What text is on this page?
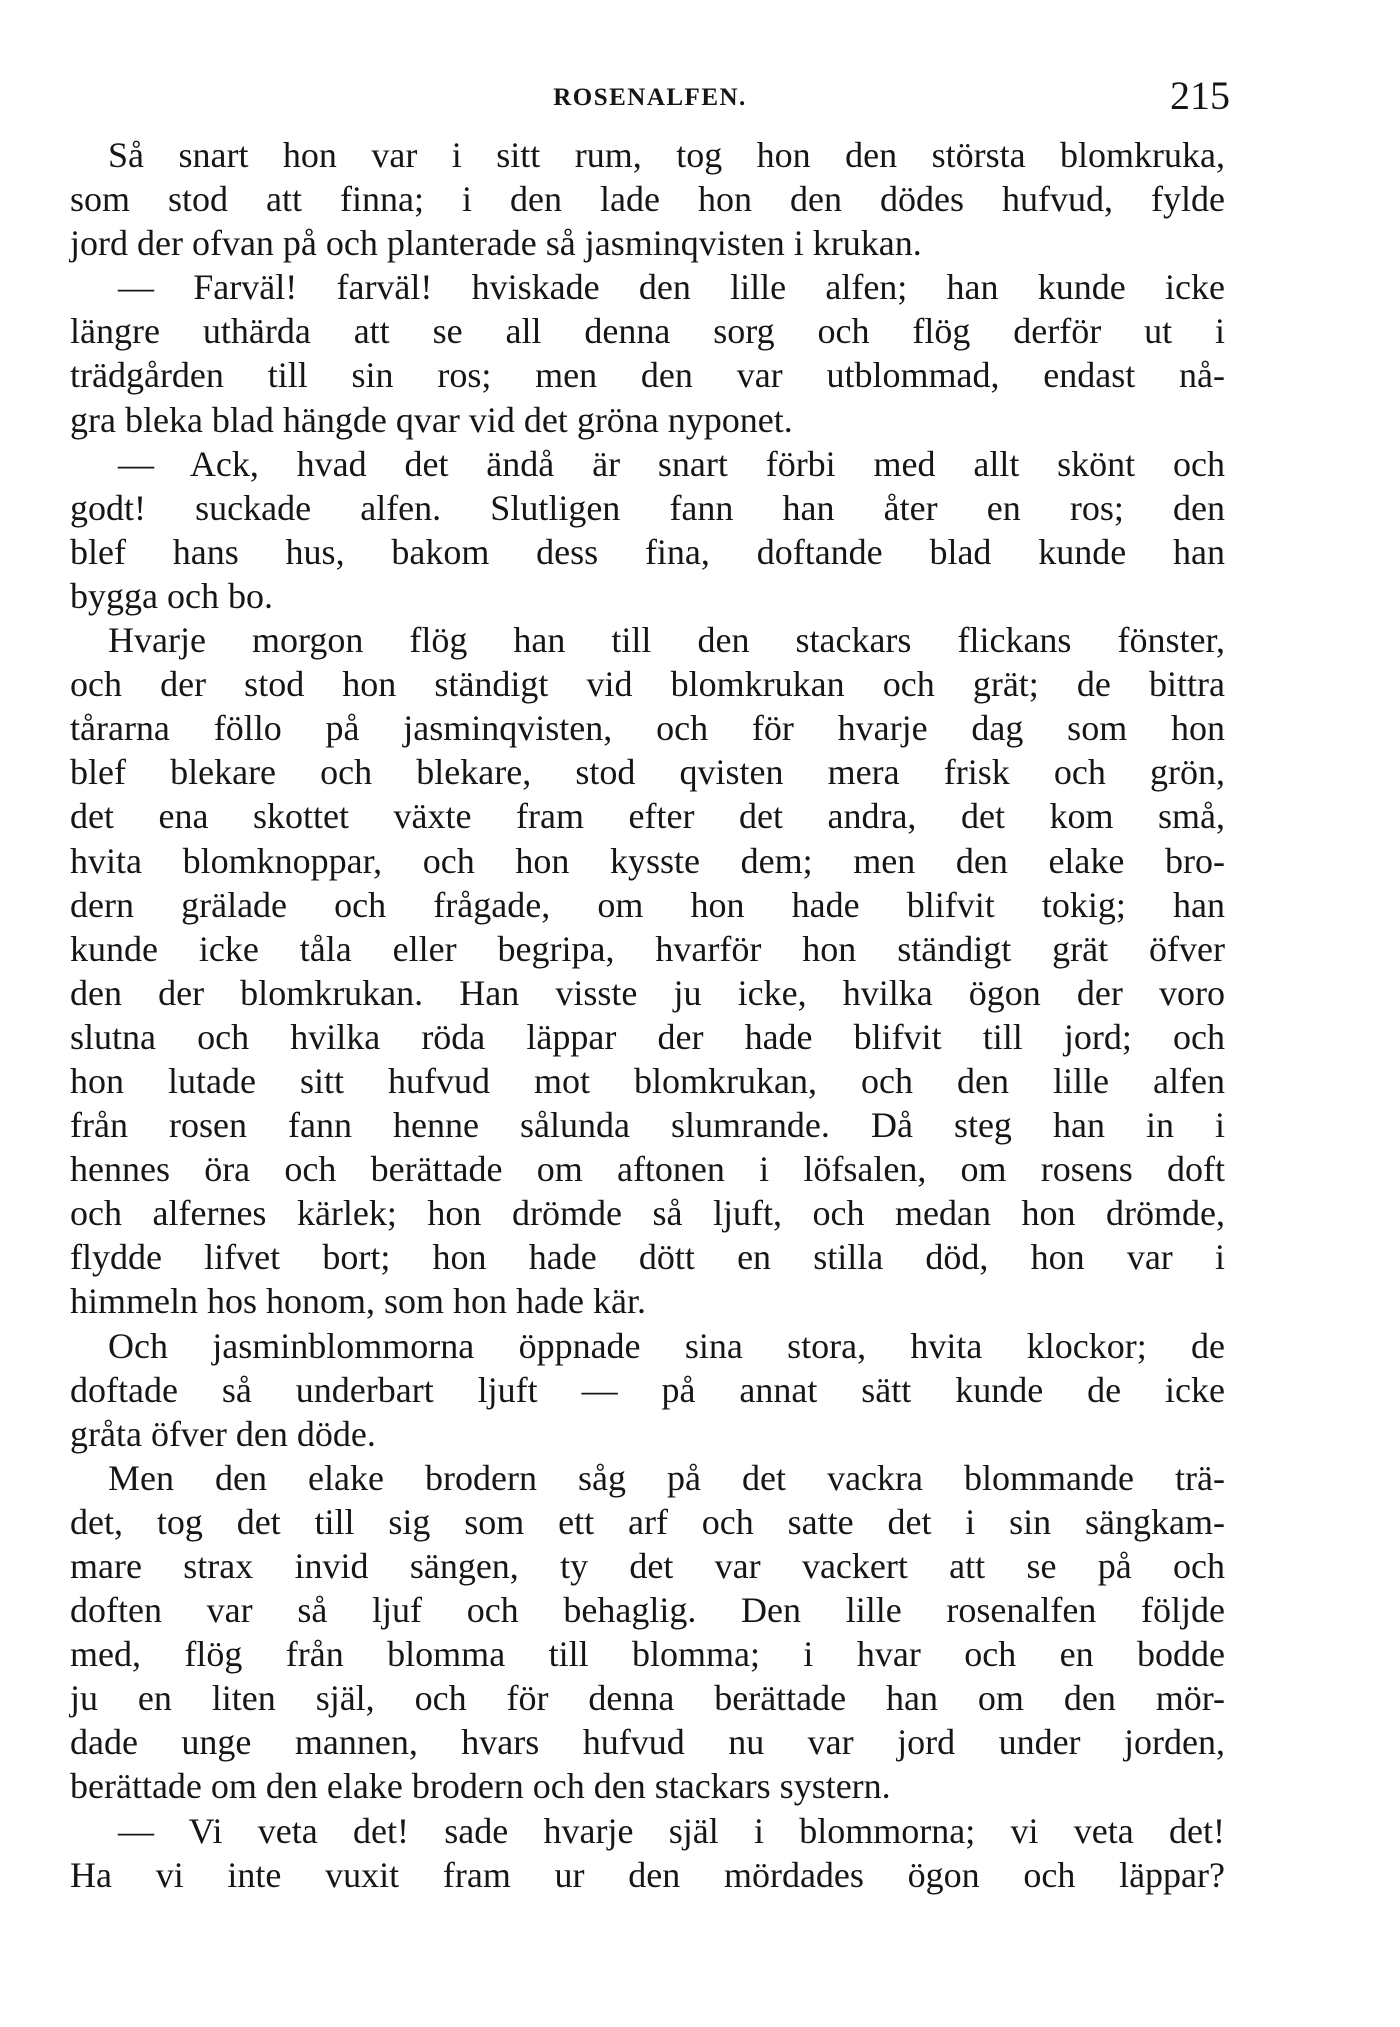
ROSENALFEN.	215
Så snart hon var i sitt rum, tog hon den största blomkruka,
som stod att finna; i den lade hon den dödes hufvud, fylde
jord der ofvan på och planterade så jasminqvisten i krukan.
— Farväl! farväl! hviskade den lille alfen; han kunde icke
längre uthärda att se all denna sorg och flög derför ut i
trädgården till sin ros; men den var utblommad, endast nå-
gra bleka blad hängde qvar vid det gröna nyponet.
— Ack, hvad det ändå är snart förbi med allt skönt och
godt! suckade alfen. Slutligen fann han åter en ros; den
blef hans hus, bakom dess fina, doftande blad kunde han
bygga och bo.
Hvarje morgon flög han till den stackars flickans fönster,
och der stod hon ständigt vid blomkrukan och grät; de bittra
tårarna föllo på jasminqvisten, och för hvarje dag som hon
blef blekare och blekare, stod qvisten mera frisk och grön,
det ena skottet växte fram efter det andra, det kom små,
hvita blomknoppar, och hon kysste dem; men den elake bro-
dern grälade och frågade, om hon hade blifvit tokig; han
kunde icke tåla eller begripa, hvarför hon ständigt grät öfver
den der blomkrukan. Han visste ju icke, hvilka ögon der voro
slutna och hvilka röda läppar der hade blifvit till jord; och
hon lutade sitt hufvud mot blomkrukan, och den lille alfen
från rosen fann henne sålunda slumrande. Då steg han in i
hennes öra och berättade om aftonen i löfsalen, om rosens doft
och alfernes kärlek; hon drömde så ljuft, och medan hon drömde,
flydde lifvet bort; hon hade dött en stilla död, hon var i
himmeln hos honom, som hon hade kär.
Och jasminblommorna öppnade sina stora, hvita klockor; de
doftade så underbart ljuft — på annat sätt kunde de icke
gråta öfver den döde.
Men den elake brodern såg på det vackra blommande trä-
det, tog det till sig som ett arf och satte det i sin sängkam-
mare strax invid sängen, ty det var vackert att se på och
doften var så ljuf och behaglig. Den lille rosenalfen följde
med, flög från blomma till blomma; i hvar och en bodde
ju en liten själ, och för denna berättade han om den mör-
dade unge mannen, hvars hufvud nu var jord under jorden,
berättade om den elake brodern och den stackars systern.
— Vi veta det! sade hvarje själ i blommorna; vi veta det!
Ha vi inte vuxit fram ur den mördades ögon och läppar?
